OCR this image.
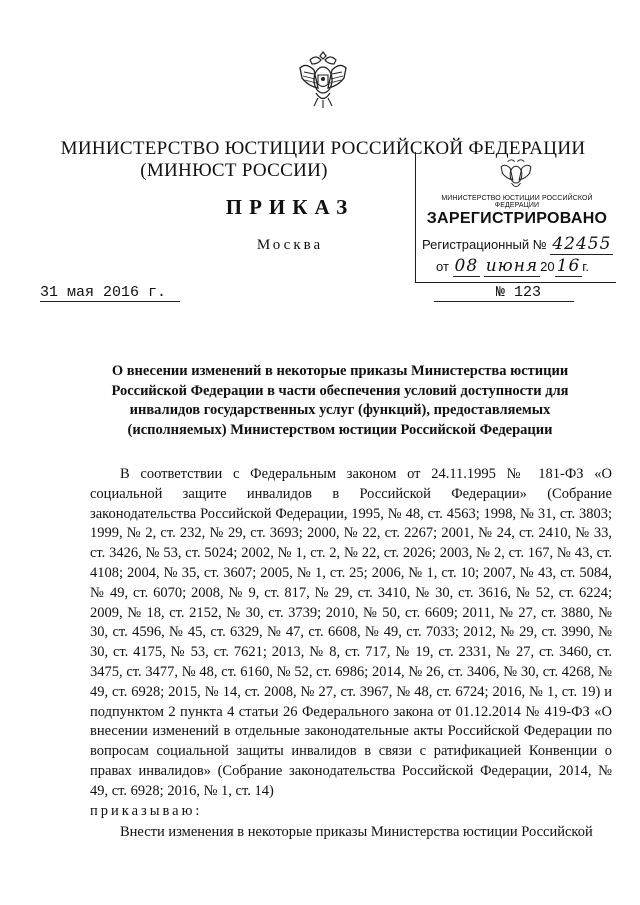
МИНИСТЕРСТВО ЮСТИЦИИ РОССИЙСКОЙ ФЕДЕРАЦИИ
(МИНЮСТ РОССИИ)
ПРИКАЗ
Москва
МИНИСТЕРСТВО ЮСТИЦИИ РОССИЙСКОЙ ФЕДЕРАЦИИ
ЗАРЕГИСТРИРОВАНО
Регистрационный № 42455
от 08 июня 20 16 г.
31 мая 2016 г.	№ 123
О внесении изменений в некоторые приказы Министерства юстиции Российской Федерации в части обеспечения условий доступности для инвалидов государственных услуг (функций), предоставляемых (исполняемых) Министерством юстиции Российской Федерации

В соответствии с Федеральным законом от 24.11.1995 № 181-ФЗ «О социальной защите инвалидов в Российской Федерации» (Собрание законодательства Российской Федерации, 1995, № 48, ст. 4563; 1998, № 31, ст. 3803; 1999, № 2, ст. 232, № 29, ст. 3693; 2000, № 22, ст. 2267; 2001, № 24, ст. 2410, № 33, ст. 3426, № 53, ст. 5024; 2002, № 1, ст. 2, № 22, ст. 2026; 2003, № 2, ст. 167, № 43, ст. 4108; 2004, № 35, ст. 3607; 2005, № 1, ст. 25; 2006, № 1, ст. 10; 2007, № 43, ст. 5084, № 49, ст. 6070; 2008, № 9, ст. 817, № 29, ст. 3410, № 30, ст. 3616, № 52, ст. 6224; 2009, № 18, ст. 2152, № 30, ст. 3739; 2010, № 50, ст. 6609; 2011, № 27, ст. 3880, № 30, ст. 4596, № 45, ст. 6329, № 47, ст. 6608, № 49, ст. 7033; 2012, № 29, ст. 3990, № 30, ст. 4175, № 53, ст. 7621; 2013, № 8, ст. 717, № 19, ст. 2331, № 27, ст. 3460, ст. 3475, ст. 3477, № 48, ст. 6160, № 52, ст. 6986; 2014, № 26, ст. 3406, № 30, ст. 4268, № 49, ст. 6928; 2015, № 14, ст. 2008, № 27, ст. 3967, № 48, ст. 6724; 2016, № 1, ст. 19) и подпунктом 2 пункта 4 статьи 26 Федерального закона от 01.12.2014 № 419-ФЗ «О внесении изменений в отдельные законодательные акты Российской Федерации по вопросам социальной защиты инвалидов в связи с ратификацией Конвенции о правах инвалидов» (Собрание законодательства Российской Федерации, 2014, № 49, ст. 6928; 2016, № 1, ст. 14)

приказываю:

Внести изменения в некоторые приказы Министерства юстиции Российской
